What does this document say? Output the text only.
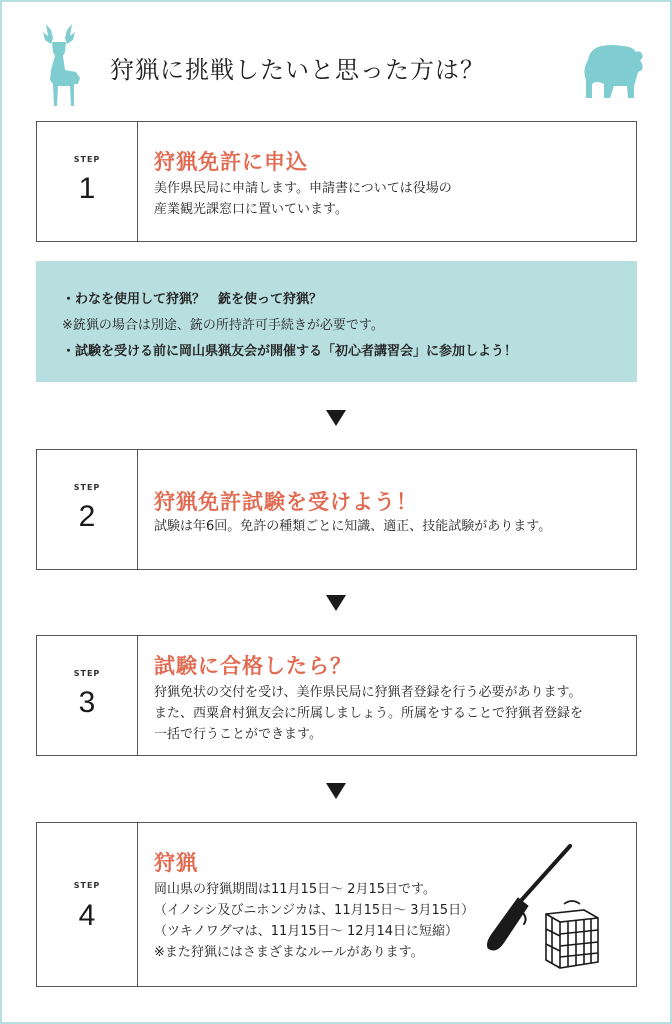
狩猟に挑戦したいと思った方は？
STEP
1
狩猟免許に申込
美作県民局に申請します。申請書については役場の
産業観光課窓口に置いています。
・わなを使用して狩猟？　銃を使って狩猟？
※銃猟の場合は別途、銃の所持許可手続きが必要です。
・試験を受ける前に岡山県猟友会が開催する「初心者講習会」に参加しよう！
STEP
2	狩猟免許試験を受けよう！
試験は年6回。免許の種類ごとに知識、適正、技能試験があります。
STEP
3
試験に合格したら？
狩猟免状の交付を受け、美作県民局に狩猟者登録を行う必要があります。
また、西粟倉村猟友会に所属しましょう。所属をすることで狩猟者登録を
一括で行うことができます。
STEP
4
狩猟
岡山県の狩猟期間は11月15日～ 2月15日です。
（イノシシ及びニホンジカは、11月15日～ 3月15日）
（ツキノワグマは、11月15日～ 12月14日に短縮）
※また狩猟にはさまざまなルールがあります。
